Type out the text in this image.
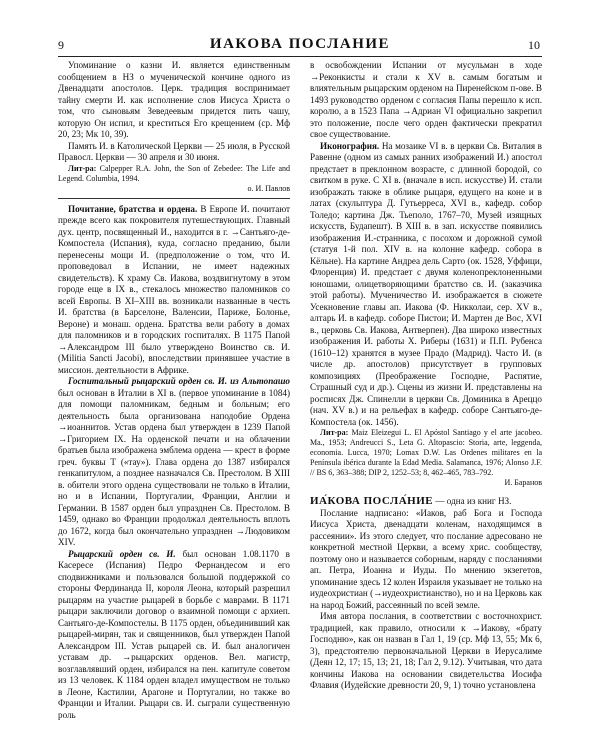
9	ИАКОВА ПОСЛАНИЕ	10

Упоминание о казни И. является единственным сообщением в НЗ о мученической кончине одного из Двенадцати апостолов. Церк. традиция воспринимает тайну смерти И. как исполнение слов Иисуса Христа о том, что сыновьям Зеведеевым придется пить чашу, которую Он испил, и креститься Его крещением (ср. Мф 20, 23; Мк 10, 39).

Память И. в Католической Церкви — 25 июля, в Русской Правосл. Церкви — 30 апреля и 30 июня.

Лит-ра: Calpepper R.A. John, the Son of Zebedee: The Life and Legend. Columbia, 1994.

о. И. Павлов

Почитание, братства и ордена. В Европе И. почитают прежде всего как покровителя путешествующих. Главный дух. центр, посвященный И., находится в г. →Сантьяго-де-Компостела (Испания), куда, согласно преданию, были перенесены мощи И. (предположение о том, что И. проповедовал в Испании, не имеет надежных свидетельств). К храму Св. Иакова, воздвигнутому в этом городе еще в IX в., стекалось множество паломников со всей Европы. В XI–XIII вв. возникали названные в честь И. братства (в Барселоне, Валенсии, Париже, Болонье, Вероне) и монаш. ордена. Братства вели работу в домах для паломников и в городских госпиталях. В 1175 Папой →Александром III было утверждено Воинство св. И. (Militia Sancti Jacobi), впоследствии принявшее участие в миссион. деятельности в Африке.

Госпитальный рыцарский орден св. И. из Альтопашо был основан в Италии в XI в. (первое упоминание в 1084) для помощи паломникам, бедным и больным; его деятельность была организована наподобие Ордена →иоаннитов. Устав ордена был утвержден в 1239 Папой →Григорием IX. На орденской печати и на облачении братьев была изображена эмблема ордена — крест в форме греч. буквы Т («тау»). Глава ордена до 1387 избирался генкапитулом, а позднее назначался Св. Престолом. В XIII в. обители этого ордена существовали не только в Италии, но и в Испании, Португалии, Франции, Англии и Германии. В 1587 орден был упразднен Св. Престолом. В 1459, однако во Франции продолжал деятельность вплоть до 1672, когда был окончательно упразднен →Людовиком XIV.

Рыцарский орден св. И. был основан 1.08.1170 в Касересе (Испания) Педро Фернандесом и его сподвижниками и пользовался большой поддержкой со стороны Фердинанда II, короля Леона, который разрешил рыцарям на участие рыцарей в борьбе с маврами. В 1171 рыцари заключили договор о взаимной помощи с архиеп. Сантьяго-де-Компостелы. В 1175 орден, объединивший как рыцарей-мирян, так и священников, был утвержден Папой Александром III. Устав рыцарей св. И. был аналогичен уставам др. →рыцарских орденов. Вел. магистр, возглавлявший орден, избирался на пен. капитуле советом из 13 человек. К 1184 орден владел имуществом не только в Леоне, Кастилии, Арагоне и Португалии, но также во Франции и Италии. Рыцари св. И. сыграли существенную роль

в освобождении Испании от мусульман в ходе →Реконкисты и стали к XV в. самым богатым и влиятельным рыцарским орденом на Пиренейском п-ове. В 1493 руководство орденом с согласия Папы перешло к исп. королю, а в 1523 Папа →Адриан VI официально закрепил это положение, после чего орден фактически прекратил свое существование.

Иконография. На мозаике VI в. в церкви Св. Виталия в Равенне (одном из самых ранних изображений И.) апостол предстает в преклонном возрасте, с длинной бородой, со свитком в руке. С XI в. (вначале в исп. искусстве) И. стали изображать также в облике рыцаря, едущего на коне и в латах (скульптура Д. Гутьерреса, XVI в., кафедр. собор Толедо; картина Дж. Тьеполо, 1767–70, Музей изящных искусств, Будапешт). В XIII в. в зап. искусстве появились изображения И.-странника, с посохом и дорожной сумой (статуя 1-й пол. XIV в. на колонне кафедр. собора в Кёльне). На картине Андреа дель Сарто (ок. 1528, Уффици, Флоренция) И. предстает с двумя коленопреклоненными юношами, олицетворяющими братство св. И. (заказчика этой работы). Мученичество И. изображается в сюжете Усекновение главы ап. Иакова (Ф. Никколаи, сер. XV в., алтарь И. в кафедр. соборе Пистои; И. Мартен де Вос, XVI в., церковь Св. Иакова, Антверпен). Два широко известных изображения И. работы Х. Риберы (1631) и П.П. Рубенса (1610–12) хранятся в музее Прадо (Мадрид). Часто И. (в числе др. апостолов) присутствует в групповых композициях (Преображение Господне, Распятие, Страшный суд и др.). Сцены из жизни И. представлены на росписях Дж. Спинелли в церкви Св. Доминика в Ареццо (нач. XV в.) и на рельефах в кафедр. соборе Сантьяго-де-Компостела (ок. 1456).

Лит-ра: Maiz Eleizegui L. El Apóstol Santiago y el arte jacobeo. Ma., 1953; Andreucci S., Leta G. Altopascio: Storia, arte, leggenda, economia. Lucca, 1970; Lomax D.W. Las Ordenes militares en la Península ibérica durante la Edad Media. Salamanca, 1976; Alonso J.F. // BS 6, 363–388; DIP 2, 1252–53; 8, 462–465, 783–792.

И. Баранов

ИА́КОВА ПОСЛА́НИЕ — одна из книг НЗ.

Послание надписано: «Иаков, раб Бога и Господа Иисуса Христа, двенадцати коленам, находящимся в рассеянии». Из этого следует, что послание адресовано не конкретной местной Церкви, а всему хрис. сообществу, поэтому оно и называется соборным, наряду с посланиями ап. Петра, Иоанна и Иуды. По мнению экзегетов, упоминание здесь 12 колен Израиля указывает не только на иудеохристиан (→иудеохристианство), но и на Церковь как на народ Божий, рассеянный по всей земле.

Имя автора послания, в соответствии с восточнохрист. традицией, как правило, относили к →Иакову, «брату Господню», как он назван в Гал 1, 19 (ср. Мф 13, 55; Мк 6, 3), предстоятелю первоначальной Церкви в Иерусалиме (Деян 12, 17; 15, 13; 21, 18; Гал 2, 9.12). Учитывая, что дата кончины Иакова на основании свидетельства Иосифа Флавия (Иудейские древности 20, 9, 1) точно установлена
